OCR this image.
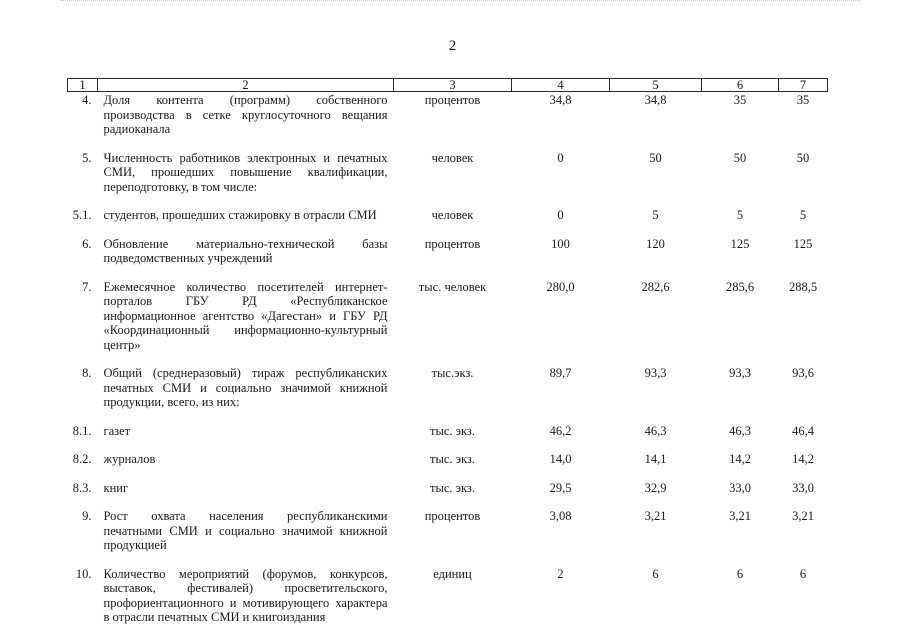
2
1	2	3	4	5	6	7
4.	Доля контента (программ) собственного производства в сетке круглосуточного вещания радиоканала	процентов	34,8	34,8	35	35
5.	Численность работников электронных и печатных СМИ, прошедших повышение квалификации, переподготовку, в том числе:	человек	0	50	50	50
5.1.	студентов, прошедших стажировку в отрасли СМИ	человек	0	5	5	5
6.	Обновление материально-технической базы подведомственных учреждений	процентов	100	120	125	125
7.	Ежемесячное количество посетителей интернет-порталов ГБУ РД «Республиканское информационное агентство «Дагестан» и ГБУ РД «Координационный информационно-культурный центр»	тыс. человек	280,0	282,6	285,6	288,5
8.	Общий (среднеразовый) тираж республиканских печатных СМИ и социально значимой книжной продукции, всего, из них:	тыс.экз.	89,7	93,3	93,3	93,6
8.1.	газет	тыс. экз.	46,2	46,3	46,3	46,4
8.2.	журналов	тыс. экз.	14,0	14,1	14,2	14,2
8.3.	книг	тыс. экз.	29,5	32,9	33,0	33,0
9.	Рост охвата населения республиканскими печатными СМИ и социально значимой книжной продукцией	процентов	3,08	3,21	3,21	3,21
10.	Количество мероприятий (форумов, конкурсов, выставок, фестивалей) просветительского, профориентационного и мотивирующего характера в отрасли печатных СМИ и книгоиздания	единиц	2	6	6	6
